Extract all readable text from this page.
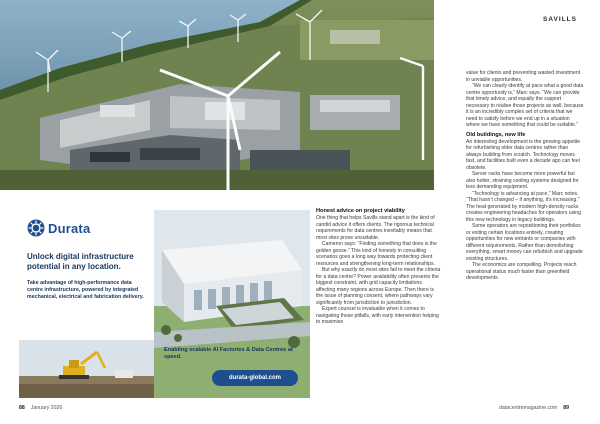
SAVILLS

value for clients and preventing wasted investment in unviable opportunities.

“We can clearly identify at pace what a good data centre opportunity is,” Marc says. “We can provide that timely advice, and equally the support necessary to realise those projects as well, because it is an incredibly complex set of criteria that we need to satisfy before we end up in a situation where we have something that could be suitable.”

Old buildings, new life

An interesting development is the growing appetite for refurbishing older data centres rather than always building from scratch. Technology moves fast, and facilities built even a decade ago can feel obsolete.

Server racks have become more powerful but also hotter, straining cooling systems designed for less demanding equipment.

“Technology is advancing at pace,” Marc notes. “That hasn’t changed – if anything, it’s increasing.” The heat generated by modern high-density racks creates engineering headaches for operators using this new technology in legacy buildings.

Some operators are repositioning their portfolios or exiting certain locations entirely, creating opportunities for new entrants or companies with different requirements. Rather than demolishing everything, smart money can refurbish and upgrade existing structures.

The economics are compelling. Projects reach operational status much faster than greenfield developments.

Honest advice on project viability

One thing that helps Savills stand apart is the kind of candid advice it offers clients. The rigorous technical requirements for data centres inevitably means that most sites prove unsuitable.

Cameron says: “Finding something that does is the golden goose.” This kind of honesty in consulting scenarios goes a long way towards protecting client resources and strengthening long-term relationships.

But why exactly do most sites fail to meet the criteria for a data centre? Power availability often presents the biggest constraint, with grid capacity limitations affecting many regions across Europe. Then there is the issue of planning consent, where pathways vary significantly from jurisdiction to jurisdiction.

Expert counsel is invaluable when it comes to navigating those pitfalls, with early intervention helping to maximise

Durata
Unlock digital infrastructure potential in any location.
Take advantage of high-performance data centre infrastructure, powered by integrated mechanical, electrical and fabrication delivery.
Enabling scalable AI Factories & Data Centres at speed.
durata-global.com
88 January 2026	datacentremagazine.com 89
